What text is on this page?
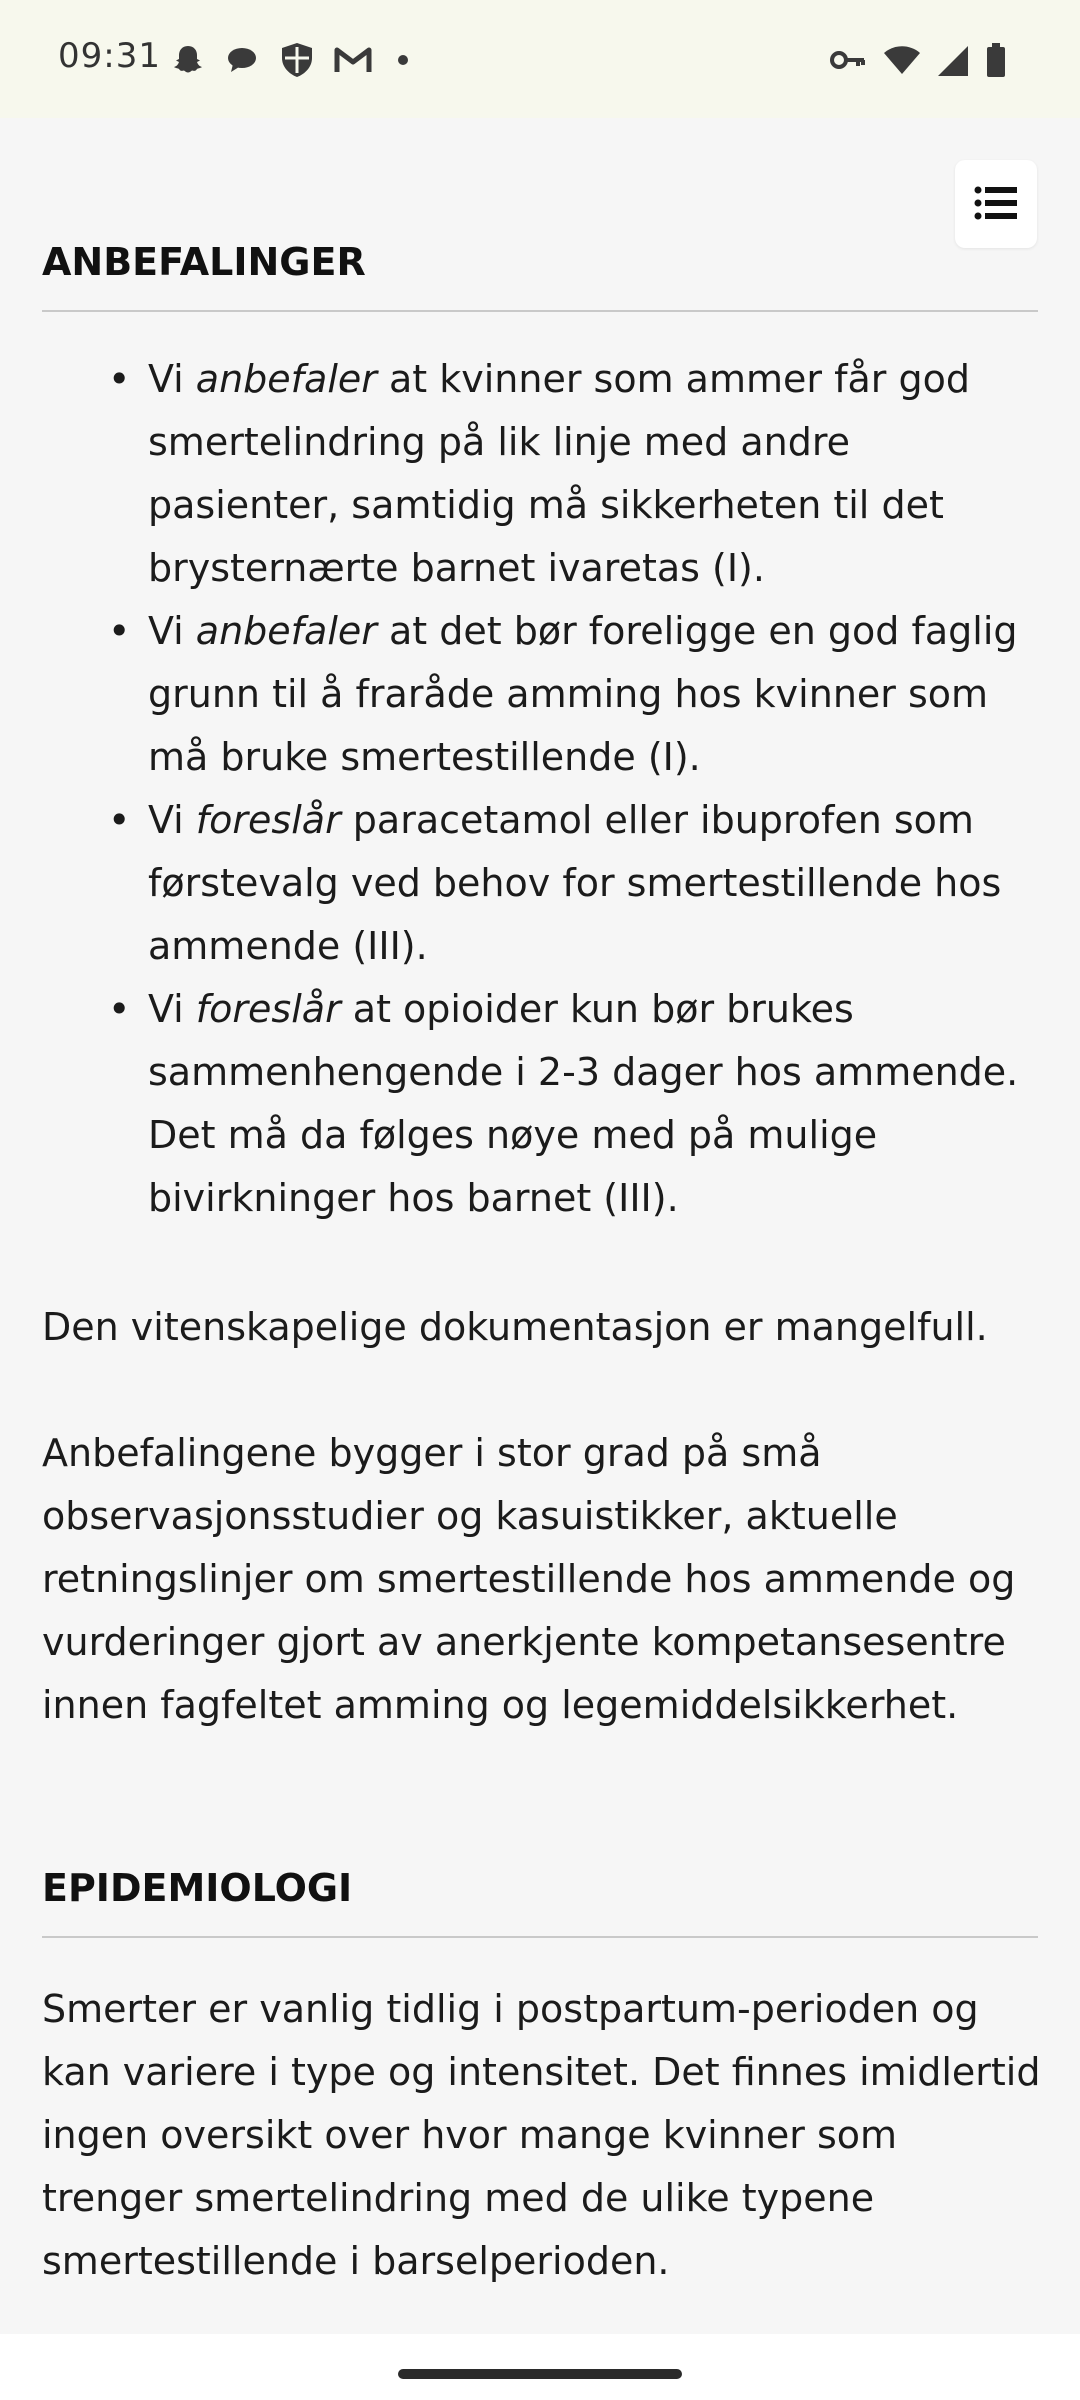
09:31
ANBEFALINGER
• Vi anbefaler at kvinner som ammer får god smertelindring på lik linje med andre pasienter, samtidig må sikkerheten til det brysternærte barnet ivaretas (I).
• Vi anbefaler at det bør foreligge en god faglig grunn til å fraråde amming hos kvinner som må bruke smertestillende (I).
• Vi foreslår paracetamol eller ibuprofen som førstevalg ved behov for smertestillende hos ammende (III).
• Vi foreslår at opioider kun bør brukes sammenhengende i 2-3 dager hos ammende. Det må da følges nøye med på mulige bivirkninger hos barnet (III).

Den vitenskapelige dokumentasjon er mangelfull.

Anbefalingene bygger i stor grad på små observasjonsstudier og kasuistikker, aktuelle retningslinjer om smertestillende hos ammende og vurderinger gjort av anerkjente kompetansesentre innen fagfeltet amming og legemiddelsikkerhet.

EPIDEMIOLOGI

Smerter er vanlig tidlig i postpartum-perioden og kan variere i type og intensitet. Det finnes imidlertid ingen oversikt over hvor mange kvinner som trenger smertelindring med de ulike typene smertestillende i barselperioden.
